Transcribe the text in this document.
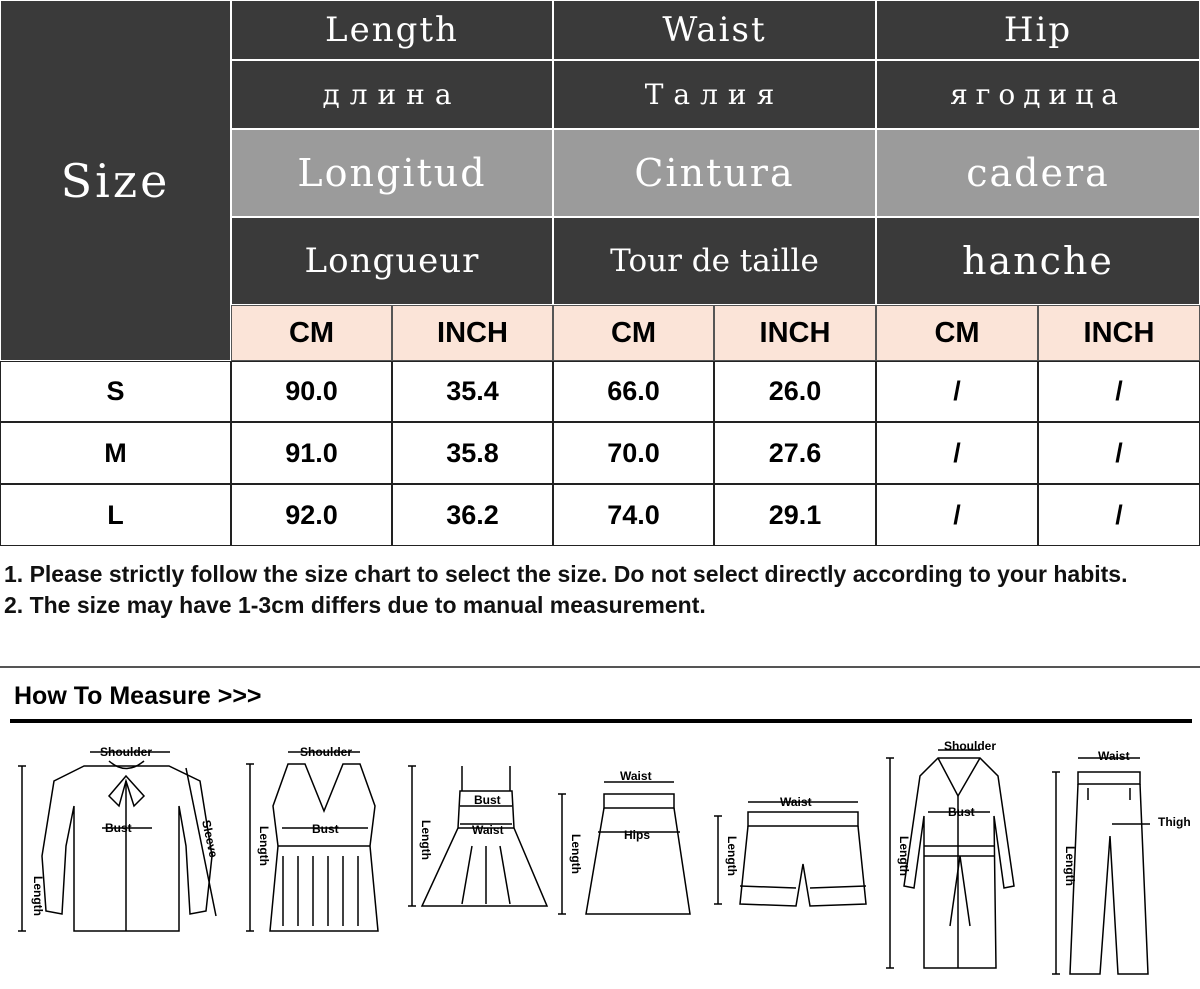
Size
Length
длина
Longitud
Longueur
Waist
Талия
Cintura
Tour de taille
Hip
ягодица
cadera
hanche
CM	INCH	CM	INCH	CM	INCH
S	90.0	35.4	66.0	26.0	/	/
M	91.0	35.8	70.0	27.6	/	/
L	92.0	36.2	74.0	29.1	/	/

1. Please strictly follow the size chart to select the size. Do not select directly according to your habits.

2. The size may have 1-3cm differs due to manual measurement.

How To Measure >>>
Shoulder
Bust
Length
Sleeve
Shoulder
Bust
Length
Bust
Waist
Length
Waist
Hips
Length
Waist
Length
Shoulder
Bust
Length
Waist
Thigh
Length
